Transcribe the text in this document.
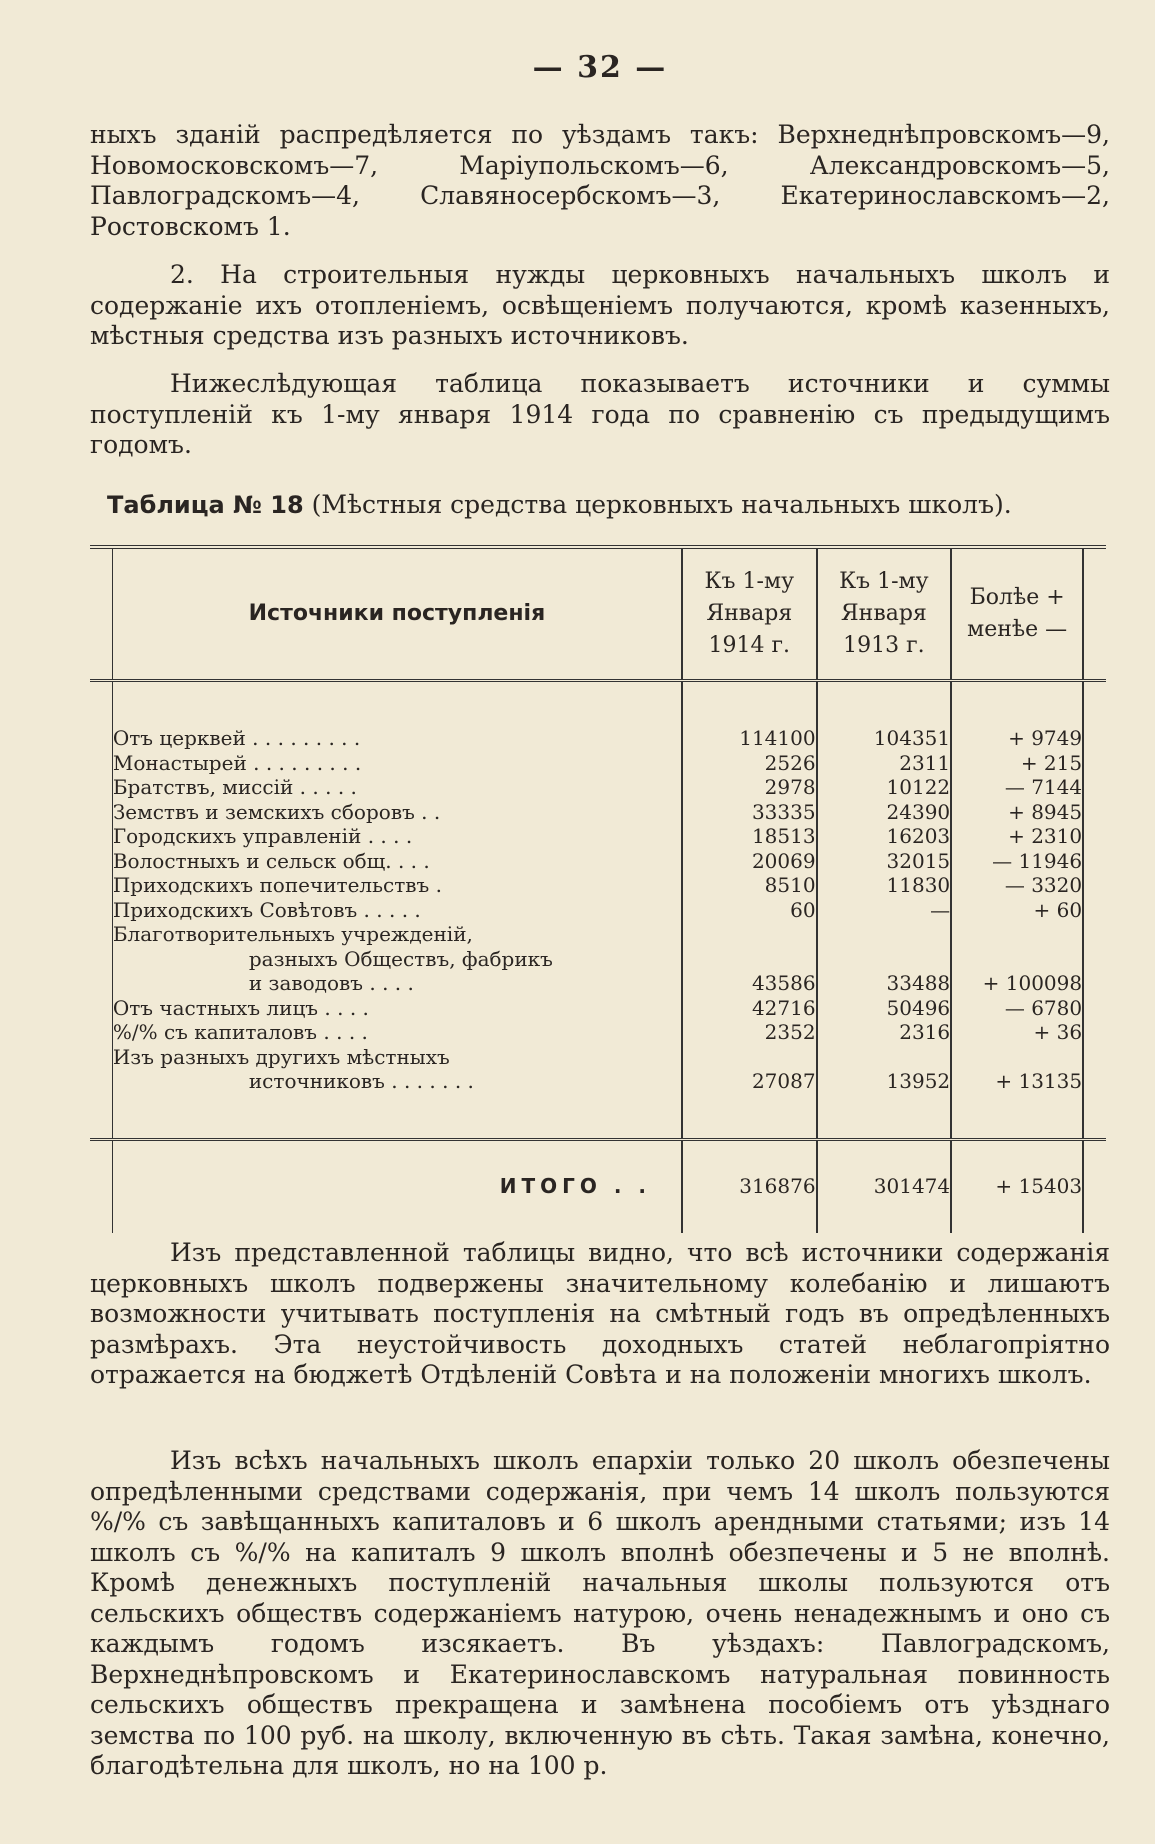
— 32 —

ныхъ зданій распредѣляется по уѣздамъ такъ: Верхнеднѣпровскомъ—9, Новомосковскомъ—7, Маріупольскомъ—6, Александровскомъ—5, Павлоградскомъ—4, Славяносербскомъ—3, Екатеринославскомъ—2, Ростовскомъ 1.

2. На строительныя нужды церковныхъ начальныхъ школъ и содержаніе ихъ отопленіемъ, освѣщеніемъ получаются, кромѣ казенныхъ, мѣстныя средства изъ разныхъ источниковъ.

Нижеслѣдующая таблица показываетъ источники и суммы поступленій къ 1-му января 1914 года по сравненію съ предыдущимъ годомъ.

Таблица № 18 (Мѣстныя средства церковныхъ начальныхъ школъ).
	Источники поступленія	Къ 1-му Января 1914 г.	Къ 1-му Января 1913 г.	Болѣе + менѣе —	

	Отъ церквей . . . . . . . . .	114100	104351	+ 9749	
	Монастырей . . . . . . . . .	2526	2311	+ 215	
	Братствъ, миссій . . . . .	2978	10122	— 7144	
	Земствъ и земскихъ сборовъ . .	33335	24390	+ 8945	
	Городскихъ управленій . . . .	18513	16203	+ 2310	
	Волостныхъ и сельск общ. . . .	20069	32015	— 11946	
	Приходскихъ попечительствъ .	8510	11830	— 3320	
	Приходскихъ Совѣтовъ . . . . .	60	—	+ 60	
	Благотворительныхъ учрежденій,				
	разныхъ Обществъ, фабрикъ				
	и заводовъ . . . .	43586	33488	+ 100098	
	Отъ частныхъ лицъ . . . .	42716	50496	— 6780	
	%/% съ капиталовъ . . . .	2352	2316	+ 36	
	Изъ разныхъ другихъ мѣстныхъ				
	источниковъ . . . . . . .	27087	13952	+ 13135	

	ИТОГО . .	316876	301474	+ 15403	

Изъ представленной таблицы видно, что всѣ источники содержанія церковныхъ школъ подвержены значительному колебанію и лишаютъ возможности учитывать поступленія на смѣтный годъ въ опредѣленныхъ размѣрахъ. Эта неустойчивость доходныхъ статей неблагопріятно отражается на бюджетѣ Отдѣленій Совѣта и на положеніи многихъ школъ.

Изъ всѣхъ начальныхъ школъ епархіи только 20 школъ обезпечены опредѣленными средствами содержанія, при чемъ 14 школъ пользуются %/% съ завѣщанныхъ капиталовъ и 6 школъ арендными статьями; изъ 14 школъ съ %/% на капиталъ 9 школъ вполнѣ обезпечены и 5 не вполнѣ. Кромѣ денежныхъ поступленій начальныя школы пользуются отъ сельскихъ обществъ содержаніемъ натурою, очень ненадежнымъ и оно съ каждымъ годомъ изсякаетъ. Въ уѣздахъ: Павлоградскомъ, Верхнеднѣпровскомъ и Екатеринославскомъ натуральная повинность сельскихъ обществъ прекращена и замѣнена пособіемъ отъ уѣзднаго земства по 100 руб. на школу, включенную въ сѣть. Такая замѣна, конечно, благодѣтельна для школъ, но на 100 р.
